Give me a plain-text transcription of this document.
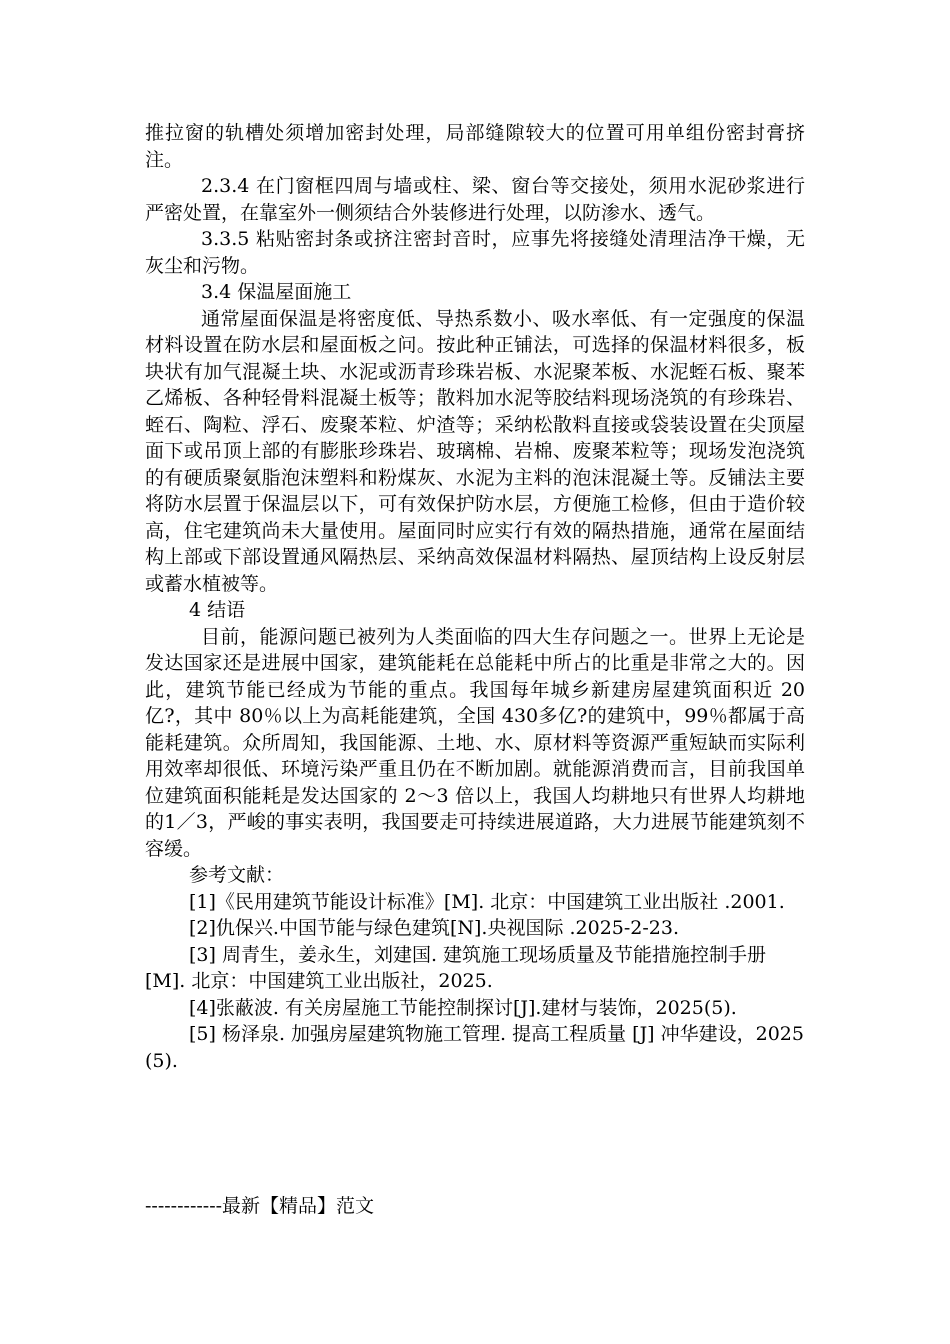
推拉窗的轨槽处须增加密封处理，局部缝隙较大的位置可用单组份密封膏挤注。

2.3.4 在门窗框四周与墙或柱、梁、窗台等交接处，须用水泥砂浆进行严密处置，在靠室外一侧须结合外装修进行处理，以防渗水、透气。

3.3.5 粘贴密封条或挤注密封音时，应事先将接缝处清理洁净干燥，无灰尘和污物。

3.4 保温屋面施工

通常屋面保温是将密度低、导热系数小、吸水率低、有一定强度的保温材料设置在防水层和屋面板之问。按此种正铺法，可选择的保温材料很多，板块状有加气混凝土块、水泥或沥青珍珠岩板、水泥聚苯板、水泥蛭石板、聚苯乙烯板、各种轻骨料混凝土板等；散料加水泥等胶结料现场浇筑的有珍珠岩、蛭石、陶粒、浮石、废聚苯粒、炉渣等；采纳松散料直接或袋装设置在尖顶屋面下或吊顶上部的有膨胀珍珠岩、玻璃棉、岩棉、废聚苯粒等；现场发泡浇筑的有硬质聚氨脂泡沫塑料和粉煤灰、水泥为主料的泡沫混凝土等。反铺法主要将防水层置于保温层以下，可有效保护防水层，方便施工检修，但由于造价较高，住宅建筑尚未大量使用。屋面同时应实行有效的隔热措施，通常在屋面结构上部或下部设置通风隔热层、采纳高效保温材料隔热、屋顶结构上设反射层或蓄水植被等。

4 结语

目前，能源问题已被列为人类面临的四大生存问题之一。世界上无论是发达国家还是进展中国家，建筑能耗在总能耗中所占的比重是非常之大的。因此，建筑节能已经成为节能的重点。我国每年城乡新建房屋建筑面积近 20 亿?，其中 80％以上为高耗能建筑，全国 430多亿?的建筑中，99％都属于高能耗建筑。众所周知，我国能源、土地、水、原材料等资源严重短缺而实际利用效率却很低、环境污染严重且仍在不断加剧。就能源消费而言，目前我国单位建筑面积能耗是发达国家的 2～3 倍以上，我国人均耕地只有世界人均耕地的1／3，严峻的事实表明，我国要走可持续进展道路，大力进展节能建筑刻不容缓。

参考文献：

[1]《民用建筑节能设计标准》[M]. 北京：中国建筑工业出版社 .2001.

[2]仇保兴.中国节能与绿色建筑[N].央视国际 .2025-2-23.

[3] 周青生，姜永生，刘建国. 建筑施工现场质量及节能措施控制手册 [M]. 北京：中国建筑工业出版社，2025.

[4]张蔽波. 有关房屋施工节能控制探讨[J].建材与装饰，2025(5).

[5] 杨泽泉. 加强房屋建筑物施工管理. 提高工程质量 [J] 冲华建设，2025(5).

------------最新【精品】范文
